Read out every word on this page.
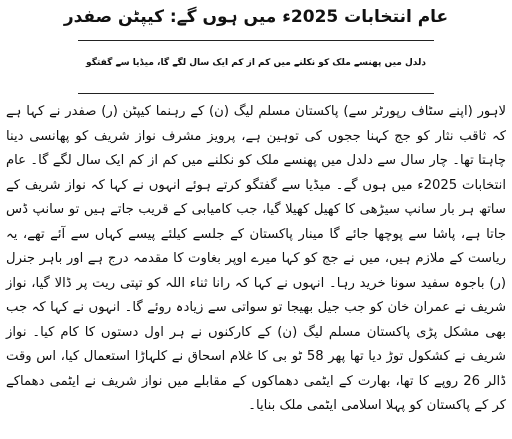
عام انتخابات 2025ء میں ہوں گے: کیپٹن صفدر
دلدل میں پھنسے ملک کو نکلنے میں کم از کم ایک سال لگے گا، میڈیا سے گفتگو

لاہور (اپنے سٹاف رپورٹر سے) پاکستان مسلم لیگ (ن) کے رہنما کیپٹن (ر) صفدر نے کہا ہے کہ ثاقب نثار کو جج کہنا ججوں کی توہین ہے، پرویز مشرف نواز شریف کو پھانسی دینا چاہتا تھا۔ چار سال سے دلدل میں پھنسے ملک کو نکلنے میں کم از کم ایک سال لگے گا۔ عام انتخابات 2025ء میں ہوں گے۔ میڈیا سے گفتگو کرتے ہوئے انہوں نے کہا کہ نواز شریف کے ساتھ ہر بار سانپ سیڑھی کا کھیل کھیلا گیا، جب کامیابی کے قریب جاتے ہیں تو سانپ ڈس جاتا ہے، پاشا سے پوچھا جائے گا مینار پاکستان کے جلسے کیلئے پیسے کہاں سے آئے تھے، یہ ریاست کے ملازم ہیں، میں نے جج کو کہا میرے اوپر بغاوت کا مقدمہ درج ہے اور باہر جنرل (ر) باجوہ سفید سونا خرید رہا۔ انہوں نے کہا کہ رانا ثناء اللہ کو تپتی ریت پر ڈالا گیا، نواز شریف نے عمران خان کو جب جیل بھیجا تو سواتی سے زیادہ روئے گا۔ انہوں نے کہا کہ جب بھی مشکل پڑی پاکستان مسلم لیگ (ن) کے کارکنوں نے ہر اول دستوں کا کام کیا۔ نواز شریف نے کشکول توڑ دیا تھا پھر 58 ٹو بی کا غلام اسحاق نے کلہاڑا استعمال کیا، اس وقت ڈالر 26 روپے کا تھا، بھارت کے ایٹمی دھماکوں کے مقابلے میں نواز شریف نے ایٹمی دھماکے کر کے پاکستان کو پہلا اسلامی ایٹمی ملک بنایا۔
